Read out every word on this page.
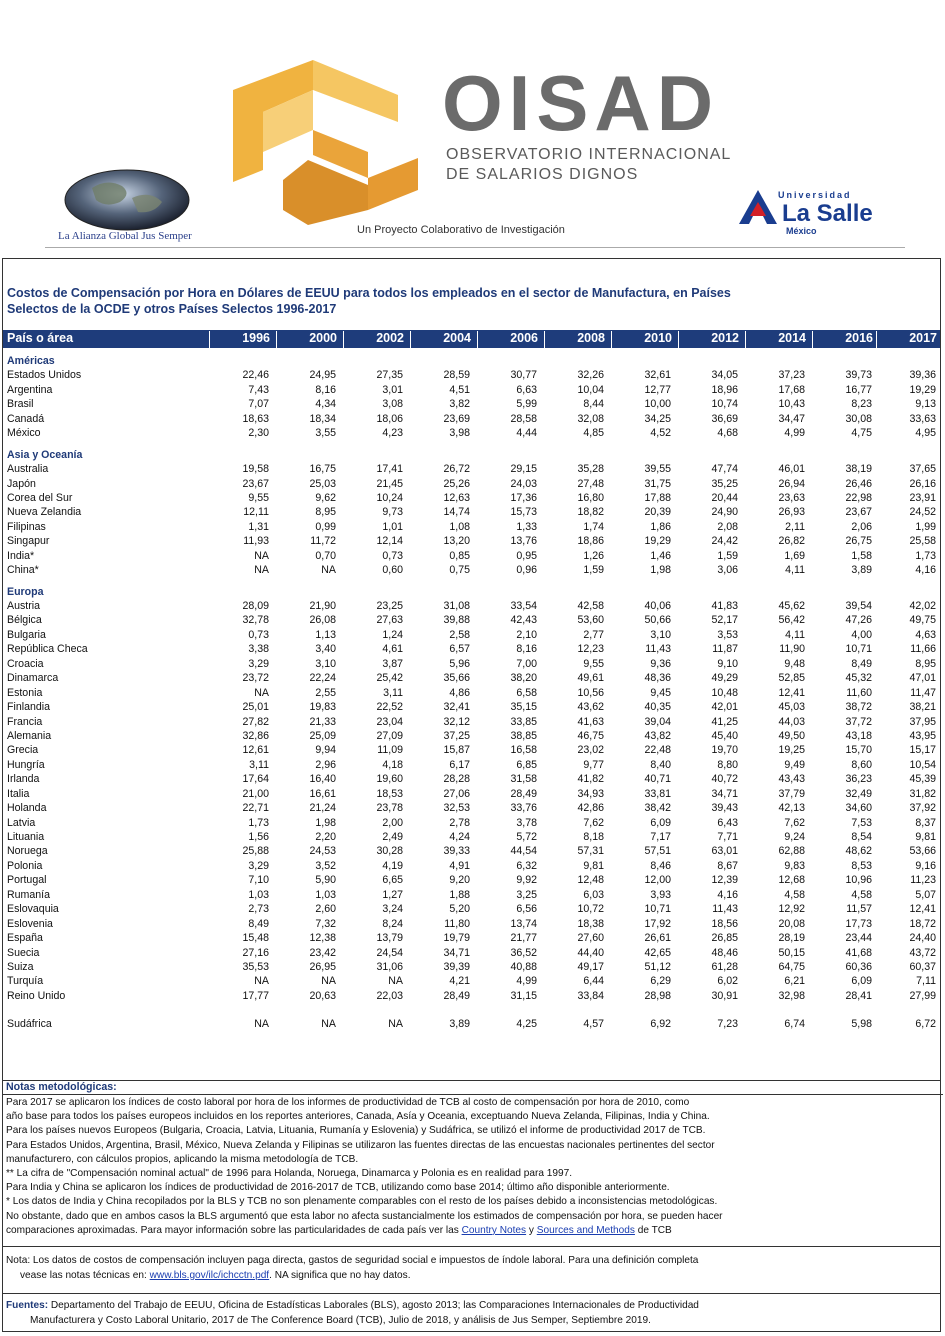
OISAD
OBSERVATORIO INTERNACIONAL
DE SALARIOS DIGNOS
La Alianza Global Jus Semper	Un Proyecto Colaborativo de Investigación
Universidad
La Salle
México
Costos de Compensación por Hora en Dólares de EEUU para todos los empleados en el sector de Manufactura, en Países Selectos de la OCDE y otros Países Selectos 1996-2017
País o área	1996	2000	2002	2004	2006	2008	2010	2012	2014	2016	2017
Américas
Estados Unidos	22,46	24,95	27,35	28,59	30,77	32,26	32,61	34,05	37,23	39,73	39,36
Argentina	7,43	8,16	3,01	4,51	6,63	10,04	12,77	18,96	17,68	16,77	19,29
Brasil	7,07	4,34	3,08	3,82	5,99	8,44	10,00	10,74	10,43	8,23	9,13
Canadá	18,63	18,34	18,06	23,69	28,58	32,08	34,25	36,69	34,47	30,08	33,63
México	2,30	3,55	4,23	3,98	4,44	4,85	4,52	4,68	4,99	4,75	4,95
Asia y Oceanía
Australia	19,58	16,75	17,41	26,72	29,15	35,28	39,55	47,74	46,01	38,19	37,65
Japón	23,67	25,03	21,45	25,26	24,03	27,48	31,75	35,25	26,94	26,46	26,16
Corea del Sur	9,55	9,62	10,24	12,63	17,36	16,80	17,88	20,44	23,63	22,98	23,91
Nueva Zelandia	12,11	8,95	9,73	14,74	15,73	18,82	20,39	24,90	26,93	23,67	24,52
Filipinas	1,31	0,99	1,01	1,08	1,33	1,74	1,86	2,08	2,11	2,06	1,99
Singapur	11,93	11,72	12,14	13,20	13,76	18,86	19,29	24,42	26,82	26,75	25,58
India*	NA	0,70	0,73	0,85	0,95	1,26	1,46	1,59	1,69	1,58	1,73
China*	NA	NA	0,60	0,75	0,96	1,59	1,98	3,06	4,11	3,89	4,16
Europa
Austria	28,09	21,90	23,25	31,08	33,54	42,58	40,06	41,83	45,62	39,54	42,02
Bélgica	32,78	26,08	27,63	39,88	42,43	53,60	50,66	52,17	56,42	47,26	49,75
Bulgaria	0,73	1,13	1,24	2,58	2,10	2,77	3,10	3,53	4,11	4,00	4,63
República Checa	3,38	3,40	4,61	6,57	8,16	12,23	11,43	11,87	11,90	10,71	11,66
Croacia	3,29	3,10	3,87	5,96	7,00	9,55	9,36	9,10	9,48	8,49	8,95
Dinamarca	23,72	22,24	25,42	35,66	38,20	49,61	48,36	49,29	52,85	45,32	47,01
Estonia	NA	2,55	3,11	4,86	6,58	10,56	9,45	10,48	12,41	11,60	11,47
Finlandia	25,01	19,83	22,52	32,41	35,15	43,62	40,35	42,01	45,03	38,72	38,21
Francia	27,82	21,33	23,04	32,12	33,85	41,63	39,04	41,25	44,03	37,72	37,95
Alemania	32,86	25,09	27,09	37,25	38,85	46,75	43,82	45,40	49,50	43,18	43,95
Grecia	12,61	9,94	11,09	15,87	16,58	23,02	22,48	19,70	19,25	15,70	15,17
Hungría	3,11	2,96	4,18	6,17	6,85	9,77	8,40	8,80	9,49	8,60	10,54
Irlanda	17,64	16,40	19,60	28,28	31,58	41,82	40,71	40,72	43,43	36,23	45,39
Italia	21,00	16,61	18,53	27,06	28,49	34,93	33,81	34,71	37,79	32,49	31,82
Holanda	22,71	21,24	23,78	32,53	33,76	42,86	38,42	39,43	42,13	34,60	37,92
Latvia	1,73	1,98	2,00	2,78	3,78	7,62	6,09	6,43	7,62	7,53	8,37
Lituania	1,56	2,20	2,49	4,24	5,72	8,18	7,17	7,71	9,24	8,54	9,81
Noruega	25,88	24,53	30,28	39,33	44,54	57,31	57,51	63,01	62,88	48,62	53,66
Polonia	3,29	3,52	4,19	4,91	6,32	9,81	8,46	8,67	9,83	8,53	9,16
Portugal	7,10	5,90	6,65	9,20	9,92	12,48	12,00	12,39	12,68	10,96	11,23
Rumanía	1,03	1,03	1,27	1,88	3,25	6,03	3,93	4,16	4,58	4,58	5,07
Eslovaquia	2,73	2,60	3,24	5,20	6,56	10,72	10,71	11,43	12,92	11,57	12,41
Eslovenia	8,49	7,32	8,24	11,80	13,74	18,38	17,92	18,56	20,08	17,73	18,72
España	15,48	12,38	13,79	19,79	21,77	27,60	26,61	26,85	28,19	23,44	24,40
Suecia	27,16	23,42	24,54	34,71	36,52	44,40	42,65	48,46	50,15	41,68	43,72
Suiza	35,53	26,95	31,06	39,39	40,88	49,17	51,12	61,28	64,75	60,36	60,37
Turquía	NA	NA	NA	4,21	4,99	6,44	6,29	6,02	6,21	6,09	7,11
Reino Unido	17,77	20,63	22,03	28,49	31,15	33,84	28,98	30,91	32,98	28,41	27,99
Sudáfrica	NA	NA	NA	3,89	4,25	4,57	6,92	7,23	6,74	5,98	6,72
Notas metodológicas:

Para 2017 se aplicaron los índices de costo laboral por hora de los informes de productividad de TCB al costo de compensación por hora de 2010, como

año base para todos los países europeos incluidos en los reportes anteriores, Canada, Asía y Oceania, exceptuando Nueva Zelanda, Filipinas, India y China.

Para los países nuevos Europeos (Bulgaria, Croacia, Latvia, Lituania, Rumanía y Eslovenia) y Sudáfrica, se utilizó el informe de productividad 2017 de TCB.

Para Estados Unidos, Argentina, Brasil, México, Nueva Zelanda y Filipinas se utilizaron las fuentes directas de las encuestas nacionales pertinentes del sector

manufacturero, con cálculos propios, aplicando la misma metodología de TCB.

** La cifra de "Compensación nominal actual" de 1996 para Holanda, Noruega, Dinamarca y Polonia es en realidad para 1997.

Para India y China se aplicaron los índices de productividad de 2016-2017 de TCB, utilizando como base 2014; último año disponible anteriormente.

* Los datos de India y China recopilados por la BLS y TCB no son plenamente comparables con el resto de los países debido a inconsistencias metodológicas.

No obstante, dado que en ambos casos la BLS argumentó que esta labor no afecta sustancialmente los estimados de compensación por hora, se pueden hacer

comparaciones aproximadas. Para mayor información sobre las particularidades de cada país ver las Country Notes y Sources and Methods de TCB

Nota: Los datos de costos de compensación incluyen paga directa, gastos de seguridad social e impuestos de índole laboral. Para una definición completa
vease las notas técnicas en: www.bls.gov/ilc/ichcctn.pdf. NA significa que no hay datos.
Fuentes: Departamento del Trabajo de EEUU, Oficina de Estadísticas Laborales (BLS), agosto 2013; las Comparaciones Internacionales de Productividad
Manufacturera y Costo Laboral Unitario, 2017 de The Conference Board (TCB), Julio de 2018, y análisis de Jus Semper, Septiembre 2019.
